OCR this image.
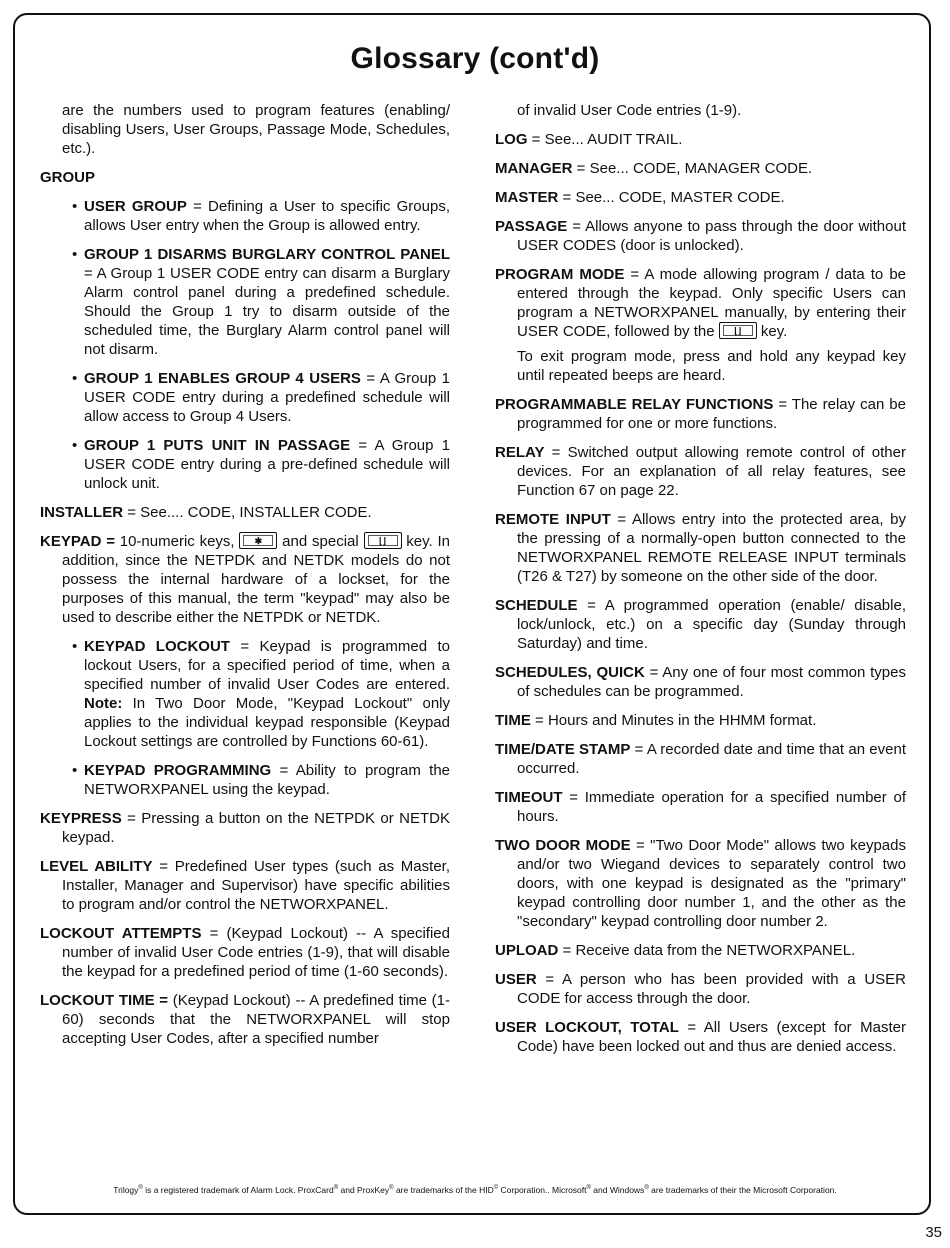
Glossary (cont'd)
are the numbers used to program features (enabling/ disabling Users, User Groups, Passage Mode, Schedules, etc.).
GROUP
• USER GROUP = Defining a User to specific Groups, allows User entry when the Group is allowed entry.
• GROUP 1 DISARMS BURGLARY CONTROL PANEL = A Group 1 USER CODE entry can disarm a Burglary Alarm control panel during a predefined schedule. Should the Group 1 try to disarm outside of the scheduled time, the Burglary Alarm control panel will not disarm.
• GROUP 1 ENABLES GROUP 4 USERS = A Group 1 USER CODE entry during a predefined schedule will allow access to Group 4 Users.
• GROUP 1 PUTS UNIT IN PASSAGE = A Group 1 USER CODE entry during a pre-defined schedule will unlock unit.
INSTALLER = See.... CODE, INSTALLER CODE.
KEYPAD = 10-numeric keys,	✱	and special	⌊⌋	key. In addition, since the NETPDK and NETDK models do not possess the internal hardware of a lockset, for the purposes of this manual, the term "keypad" may also be used to describe either the NETPDK or NETDK.
• KEYPAD LOCKOUT = Keypad is programmed to lockout Users, for a specified period of time, when a specified number of invalid User Codes are entered. Note: In Two Door Mode, "Keypad Lockout" only applies to the individual keypad responsible (Keypad Lockout settings are controlled by Functions 60-61).
• KEYPAD PROGRAMMING = Ability to program the NETWORXPANEL using the keypad.
KEYPRESS = Pressing a button on the NETPDK or NETDK keypad.
LEVEL ABILITY = Predefined User types (such as Master, Installer, Manager and Supervisor) have specific abilities to program and/or control the NETWORXPANEL.
LOCKOUT ATTEMPTS = (Keypad Lockout) -- A specified number of invalid User Code entries (1-9), that will disable the keypad for a predefined period of time (1-60 seconds).
LOCKOUT TIME = (Keypad Lockout) -- A predefined time (1-60) seconds that the NETWORXPANEL will stop accepting User Codes, after a specified number
of invalid User Code entries (1-9).
LOG = See... AUDIT TRAIL.
MANAGER = See... CODE, MANAGER CODE.
MASTER = See... CODE, MASTER CODE.
PASSAGE = Allows anyone to pass through the door without USER CODES (door is unlocked).
PROGRAM MODE = A mode allowing program / data to be entered through the keypad. Only specific Users can program a NETWORXPANEL manually, by entering their USER CODE, followed by the	⌊⌋	key.
To exit program mode, press and hold any keypad key until repeated beeps are heard.
PROGRAMMABLE RELAY FUNCTIONS = The relay can be programmed for one or more functions.
RELAY = Switched output allowing remote control of other devices. For an explanation of all relay features, see Function 67 on page 22.
REMOTE INPUT = Allows entry into the protected area, by the pressing of a normally-open button connected to the NETWORXPANEL REMOTE RELEASE INPUT terminals (T26 & T27) by someone on the other side of the door.
SCHEDULE = A programmed operation (enable/ disable, lock/unlock, etc.) on a specific day (Sunday through Saturday) and time.
SCHEDULES, QUICK = Any one of four most common types of schedules can be programmed.
TIME = Hours and Minutes in the HHMM format.
TIME/DATE STAMP = A recorded date and time that an event occurred.
TIMEOUT = Immediate operation for a specified number of hours.
TWO DOOR MODE = "Two Door Mode" allows two keypads and/or two Wiegand devices to separately control two doors, with one keypad is designated as the "primary" keypad controlling door number 1, and the other as the "secondary" keypad controlling door number 2.
UPLOAD = Receive data from the NETWORXPANEL.
USER = A person who has been provided with a USER CODE for access through the door.
USER LOCKOUT, TOTAL = All Users (except for Master Code) have been locked out and thus are denied access.
Trilogy® is a registered trademark of Alarm Lock. ProxCard® and ProxKey® are trademarks of the HID© Corporation.. Microsoft® and Windows® are trademarks of their the Microsoft Corporation.
35
